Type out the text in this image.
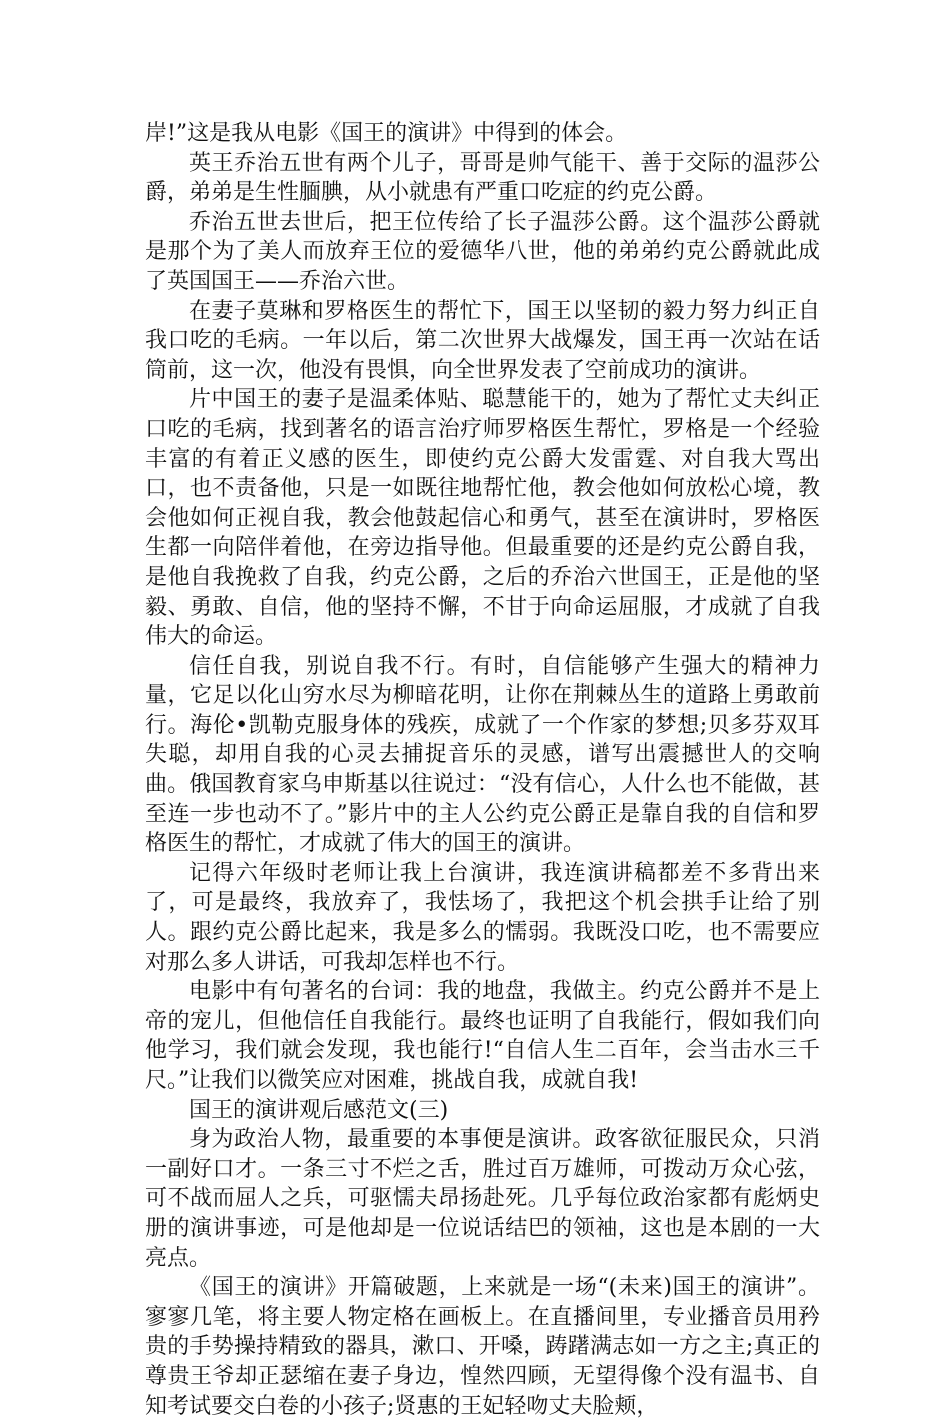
岸!”这是我从电影《国王的演讲》中得到的体会。

英王乔治五世有两个儿子，哥哥是帅气能干、善于交际的温莎公爵，弟弟是生性腼腆，从小就患有严重口吃症的约克公爵。

乔治五世去世后，把王位传给了长子温莎公爵。这个温莎公爵就是那个为了美人而放弃王位的爱德华八世，他的弟弟约克公爵就此成了英国国王——乔治六世。

在妻子莫琳和罗格医生的帮忙下，国王以坚韧的毅力努力纠正自我口吃的毛病。一年以后，第二次世界大战爆发，国王再一次站在话筒前，这一次，他没有畏惧，向全世界发表了空前成功的演讲。

片中国王的妻子是温柔体贴、聪慧能干的，她为了帮忙丈夫纠正口吃的毛病，找到著名的语言治疗师罗格医生帮忙，罗格是一个经验丰富的有着正义感的医生，即使约克公爵大发雷霆、对自我大骂出口，也不责备他，只是一如既往地帮忙他，教会他如何放松心境，教会他如何正视自我，教会他鼓起信心和勇气，甚至在演讲时，罗格医生都一向陪伴着他，在旁边指导他。但最重要的还是约克公爵自我，是他自我挽救了自我，约克公爵，之后的乔治六世国王，正是他的坚毅、勇敢、自信，他的坚持不懈，不甘于向命运屈服，才成就了自我伟大的命运。

信任自我，别说自我不行。有时，自信能够产生强大的精神力量，它足以化山穷水尽为柳暗花明，让你在荆棘丛生的道路上勇敢前行。海伦•凯勒克服身体的残疾，成就了一个作家的梦想;贝多芬双耳失聪，却用自我的心灵去捕捉音乐的灵感，谱写出震撼世人的交响曲。俄国教育家乌申斯基以往说过：“没有信心，人什么也不能做，甚至连一步也动不了。”影片中的主人公约克公爵正是靠自我的自信和罗格医生的帮忙，才成就了伟大的国王的演讲。

记得六年级时老师让我上台演讲，我连演讲稿都差不多背出来了，可是最终，我放弃了，我怯场了，我把这个机会拱手让给了别人。跟约克公爵比起来，我是多么的懦弱。我既没口吃，也不需要应对那么多人讲话，可我却怎样也不行。

电影中有句著名的台词：我的地盘，我做主。约克公爵并不是上帝的宠儿，但他信任自我能行。最终也证明了自我能行，假如我们向他学习，我们就会发现，我也能行!“自信人生二百年，会当击水三千尺。”让我们以微笑应对困难，挑战自我，成就自我!

国王的演讲观后感范文(三)

身为政治人物，最重要的本事便是演讲。政客欲征服民众，只消一副好口才。一条三寸不烂之舌，胜过百万雄师，可拨动万众心弦，可不战而屈人之兵，可驱懦夫昂扬赴死。几乎每位政治家都有彪炳史册的演讲事迹，可是他却是一位说话结巴的领袖，这也是本剧的一大亮点。

《国王的演讲》开篇破题，上来就是一场“(未来)国王的演讲”。寥寥几笔，将主要人物定格在画板上。在直播间里，专业播音员用矜贵的手势操持精致的器具，漱口、开嗓，踌躇满志如一方之主;真正的尊贵王爷却正瑟缩在妻子身边，惶然四顾，无望得像个没有温书、自知考试要交白卷的小孩子;贤惠的王妃轻吻丈夫脸颊，
